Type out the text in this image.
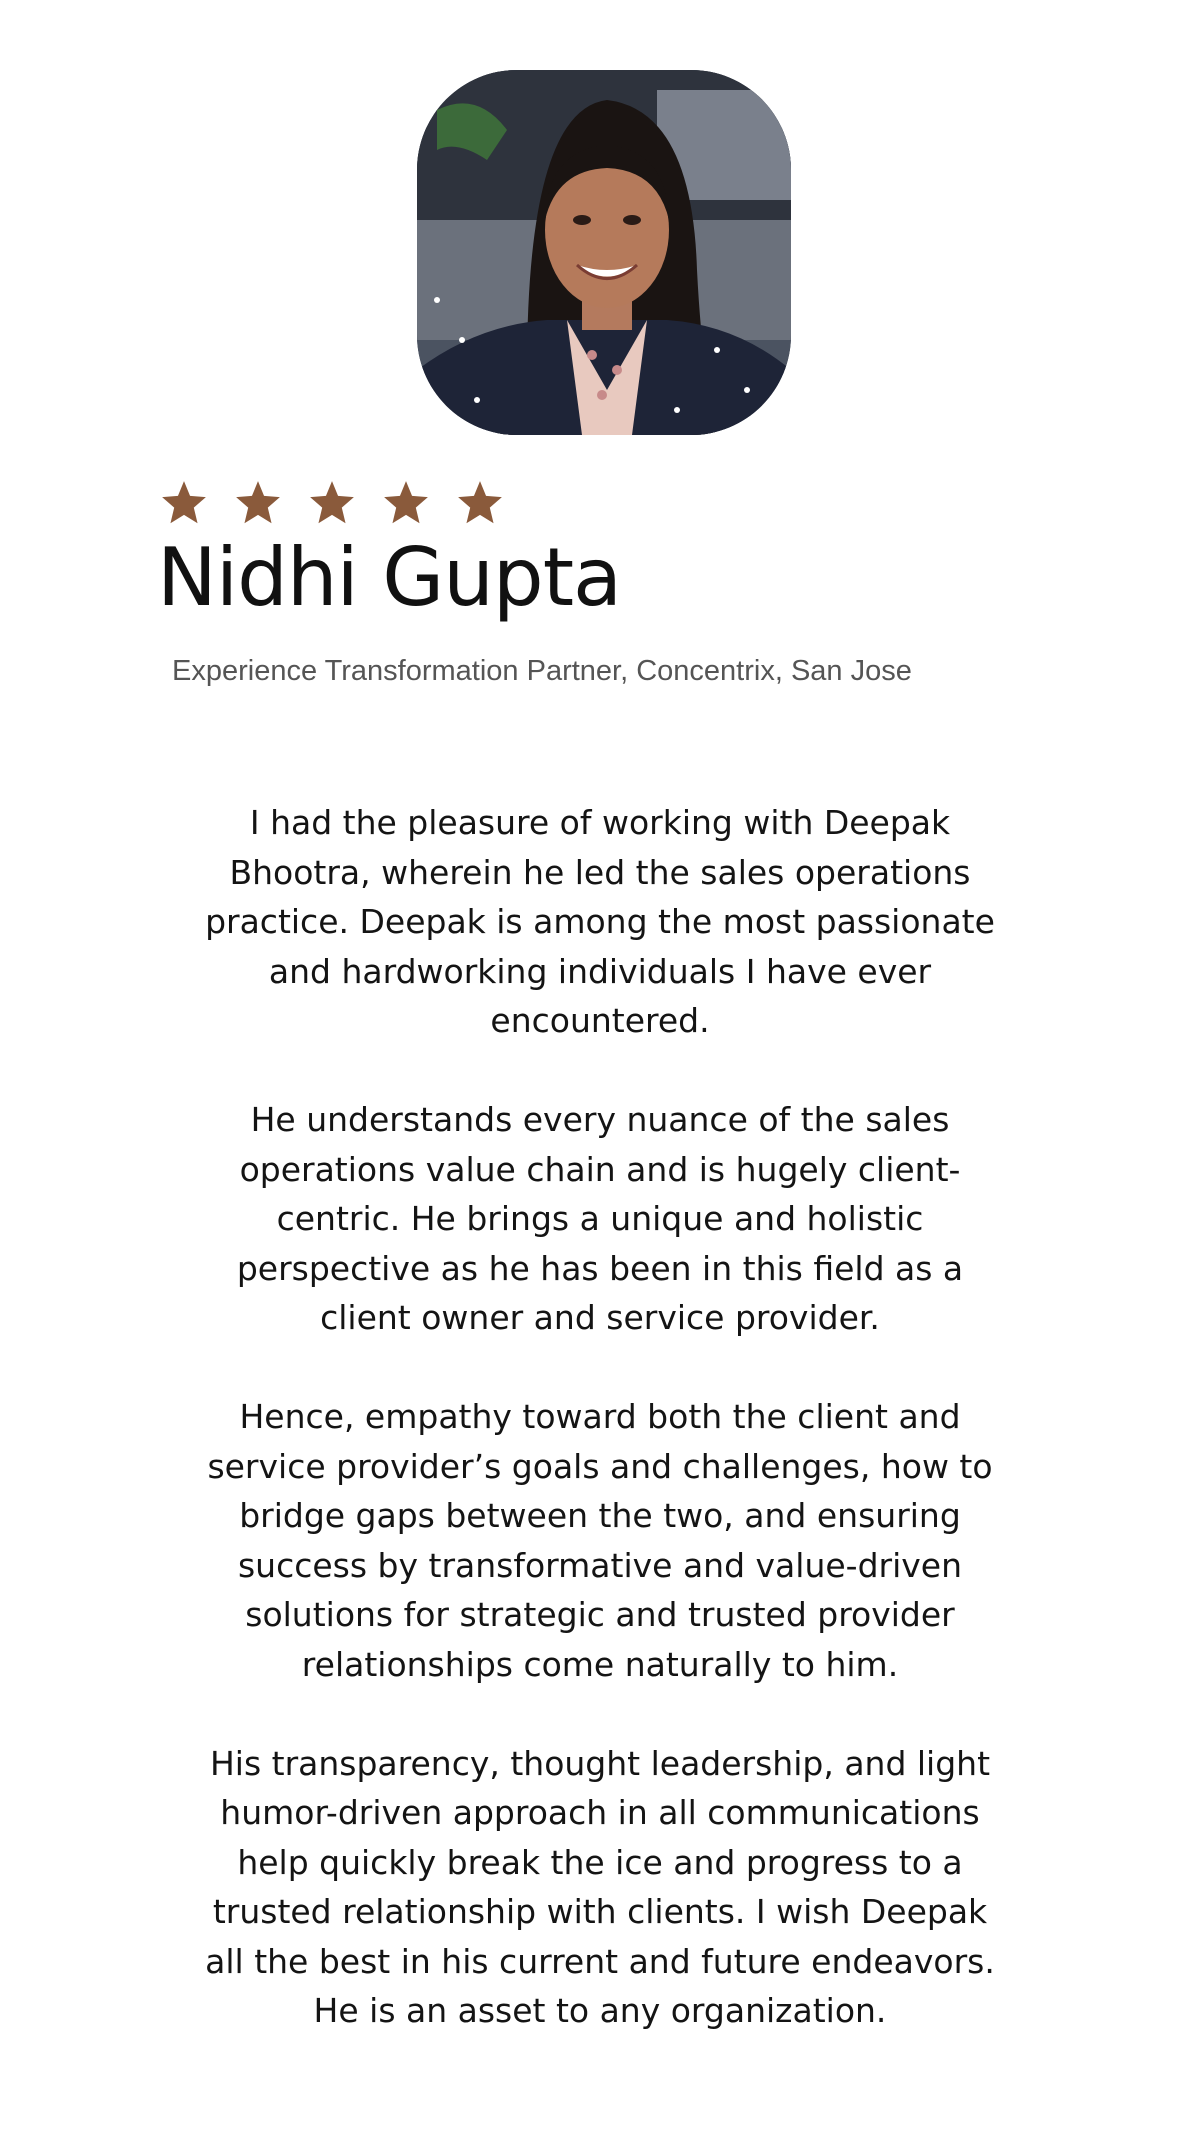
Nidhi Gupta

Experience Transformation Partner, Concentrix, San Jose

I had the pleasure of working with Deepak Bhootra, wherein he led the sales operations practice. Deepak is among the most passionate and hardworking individuals I have ever encountered.

He understands every nuance of the sales operations value chain and is hugely client-centric. He brings a unique and holistic perspective as he has been in this field as a client owner and service provider.

Hence, empathy toward both the client and service provider’s goals and challenges, how to bridge gaps between the two, and ensuring success by transformative and value-driven solutions for strategic and trusted provider relationships come naturally to him.

His transparency, thought leadership, and light humor-driven approach in all communications help quickly break the ice and progress to a trusted relationship with clients. I wish Deepak all the best in his current and future endeavors. He is an asset to any organization.
